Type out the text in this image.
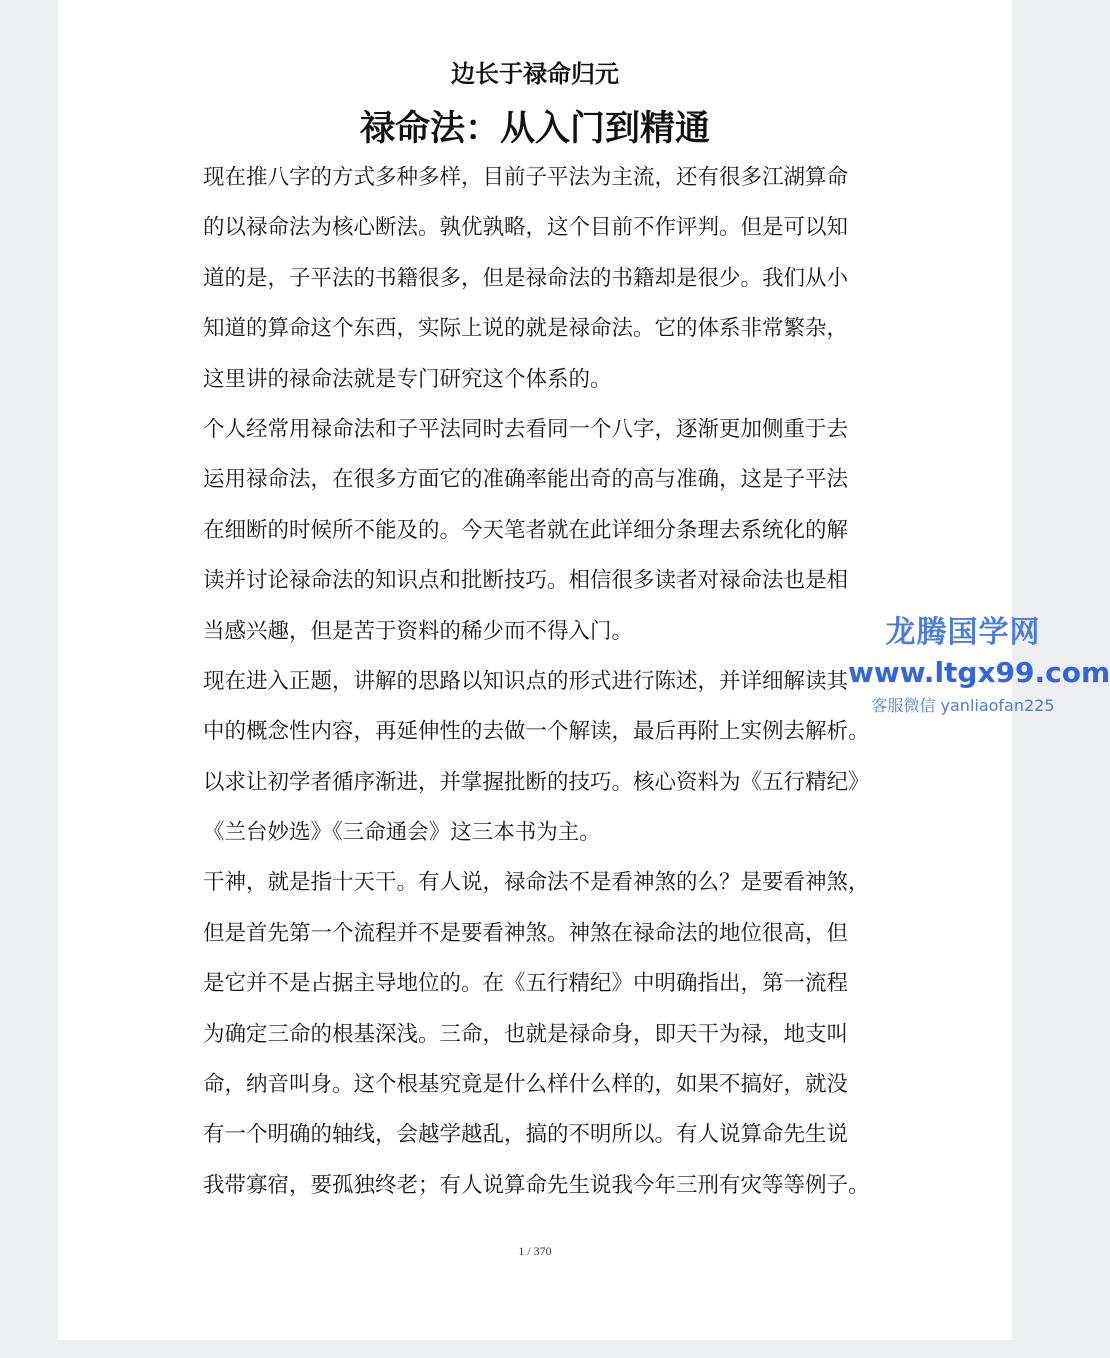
边长于禄命归元
禄命法：从入门到精通
现在推八字的方式多种多样，目前子平法为主流，还有很多江湖算命
的以禄命法为核心断法。孰优孰略，这个目前不作评判。但是可以知
道的是，子平法的书籍很多，但是禄命法的书籍却是很少。我们从小
知道的算命这个东西，实际上说的就是禄命法。它的体系非常繁杂，
这里讲的禄命法就是专门研究这个体系的。
个人经常用禄命法和子平法同时去看同一个八字，逐渐更加侧重于去
运用禄命法，在很多方面它的准确率能出奇的高与准确，这是子平法
在细断的时候所不能及的。今天笔者就在此详细分条理去系统化的解
读并讨论禄命法的知识点和批断技巧。相信很多读者对禄命法也是相
当感兴趣，但是苦于资料的稀少而不得入门。
现在进入正题，讲解的思路以知识点的形式进行陈述，并详细解读其
中的概念性内容，再延伸性的去做一个解读，最后再附上实例去解析。
以求让初学者循序渐进，并掌握批断的技巧。核心资料为《五行精纪》
《兰台妙选》《三命通会》这三本书为主。
干神，就是指十天干。有人说，禄命法不是看神煞的么？是要看神煞，
但是首先第一个流程并不是要看神煞。神煞在禄命法的地位很高，但
是它并不是占据主导地位的。在《五行精纪》中明确指出，第一流程
为确定三命的根基深浅。三命，也就是禄命身，即天干为禄，地支叫
命，纳音叫身。这个根基究竟是什么样什么样的，如果不搞好，就没
有一个明确的轴线，会越学越乱，搞的不明所以。有人说算命先生说
我带寡宿，要孤独终老；有人说算命先生说我今年三刑有灾等等例子。
1 / 370
龙腾国学网
www.ltgx99.com
客服微信 yanliaofan225
